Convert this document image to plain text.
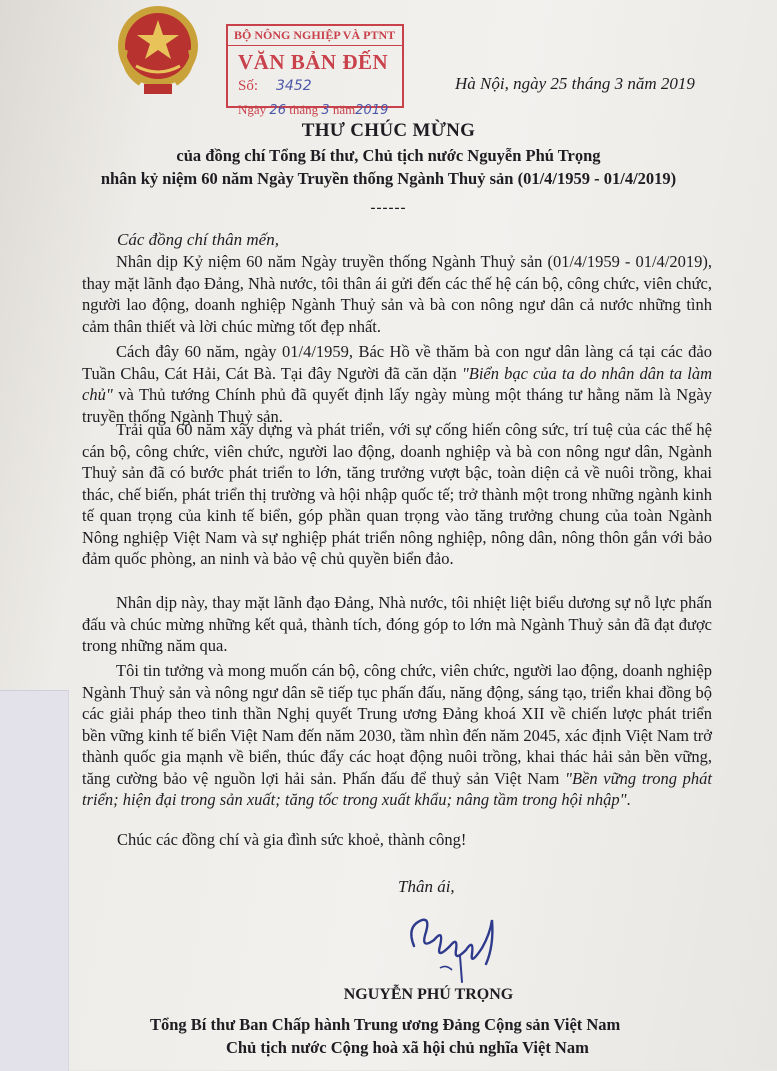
BỘ NÔNG NGHIỆP VÀ PTNT
VĂN BẢN ĐẾN
Số: 3452
Ngày 26 tháng 3 năm2019
Hà Nội, ngày 25 tháng 3 năm 2019
THƯ CHÚC MỪNG
của đồng chí Tổng Bí thư, Chủ tịch nước Nguyễn Phú Trọng
nhân kỷ niệm 60 năm Ngày Truyền thống Ngành Thuỷ sản (01/4/1959 - 01/4/2019)
------
Các đồng chí thân mến,

Nhân dịp Kỷ niệm 60 năm Ngày truyền thống Ngành Thuỷ sản (01/4/1959 - 01/4/2019), thay mặt lãnh đạo Đảng, Nhà nước, tôi thân ái gửi đến các thế hệ cán bộ, công chức, viên chức, người lao động, doanh nghiệp Ngành Thuỷ sản và bà con nông ngư dân cả nước những tình cảm thân thiết và lời chúc mừng tốt đẹp nhất.

Cách đây 60 năm, ngày 01/4/1959, Bác Hồ về thăm bà con ngư dân làng cá tại các đảo Tuần Châu, Cát Hải, Cát Bà. Tại đây Người đã căn dặn "Biển bạc của ta do nhân dân ta làm chủ" và Thủ tướng Chính phủ đã quyết định lấy ngày mùng một tháng tư hằng năm là Ngày truyền thống Ngành Thuỷ sản.

Trải qua 60 năm xây dựng và phát triển, với sự cống hiến công sức, trí tuệ của các thế hệ cán bộ, công chức, viên chức, người lao động, doanh nghiệp và bà con nông ngư dân, Ngành Thuỷ sản đã có bước phát triển to lớn, tăng trưởng vượt bậc, toàn diện cả về nuôi trồng, khai thác, chế biến, phát triển thị trường và hội nhập quốc tế; trở thành một trong những ngành kinh tế quan trọng của kinh tế biển, góp phần quan trọng vào tăng trưởng chung của toàn Ngành Nông nghiệp Việt Nam và sự nghiệp phát triển nông nghiệp, nông dân, nông thôn gắn với bảo đảm quốc phòng, an ninh và bảo vệ chủ quyền biển đảo.

Nhân dịp này, thay mặt lãnh đạo Đảng, Nhà nước, tôi nhiệt liệt biểu dương sự nỗ lực phấn đấu và chúc mừng những kết quả, thành tích, đóng góp to lớn mà Ngành Thuỷ sản đã đạt được trong những năm qua.

Tôi tin tưởng và mong muốn cán bộ, công chức, viên chức, người lao động, doanh nghiệp Ngành Thuỷ sản và nông ngư dân sẽ tiếp tục phấn đấu, năng động, sáng tạo, triển khai đồng bộ các giải pháp theo tinh thần Nghị quyết Trung ương Đảng khoá XII về chiến lược phát triển bền vững kinh tế biển Việt Nam đến năm 2030, tầm nhìn đến năm 2045, xác định Việt Nam trở thành quốc gia mạnh về biển, thúc đẩy các hoạt động nuôi trồng, khai thác hải sản bền vững, tăng cường bảo vệ nguồn lợi hải sản. Phấn đấu để thuỷ sản Việt Nam "Bền vững trong phát triển; hiện đại trong sản xuất; tăng tốc trong xuất khẩu; nâng tầm trong hội nhập".

Chúc các đồng chí và gia đình sức khoẻ, thành công!
Thân ái,
NGUYỄN PHÚ TRỌNG
Tổng Bí thư Ban Chấp hành Trung ương Đảng Cộng sản Việt Nam
Chủ tịch nước Cộng hoà xã hội chủ nghĩa Việt Nam
